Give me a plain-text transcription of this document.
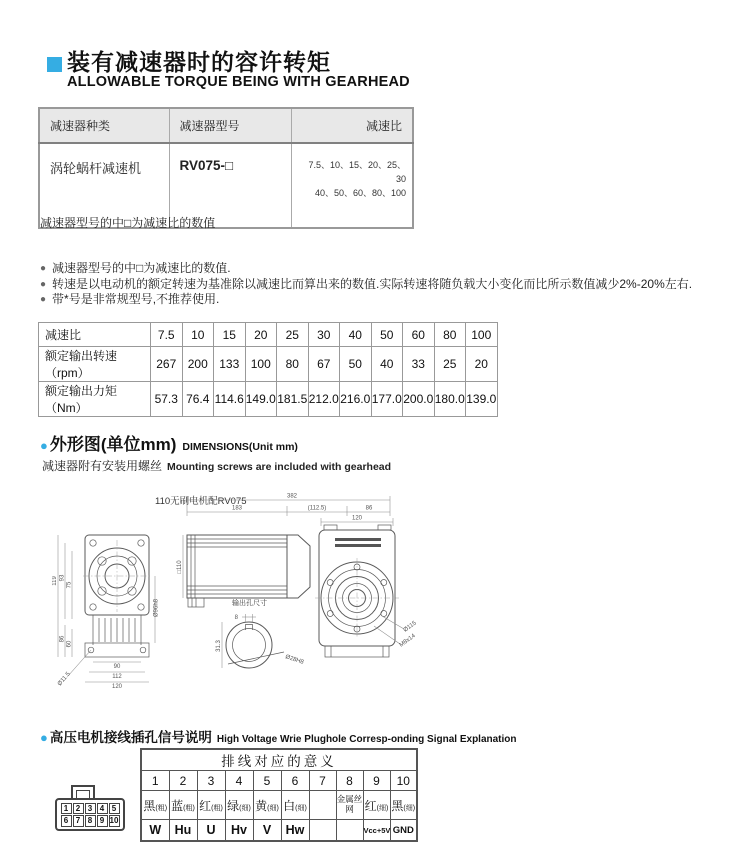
装有减速器时的容许转矩
ALLOWABLE TORQUE BEING WITH GEARHEAD
减速器种类	减速器型号	减速比
涡轮蜗杆减速机	RV075-□	7.5、10、15、20、25、30
40、50、60、80、100
减速器型号的中□为减速比的数值
● 减速器型号的中□为减速比的数值.
● 转速是以电动机的额定转速为基准除以减速比而算出来的数值.实际转速将随负载大小变化而比所示数值减少2%-20%左右.
● 带*号是非常规型号,不推荐使用.
减速比	7.5	10	15	20	25	30	40	50	60	80	100
额定输出转速（rpm）	267	200	133	100	80	67	50	40	33	25	20
额定输出力矩（Nm）	57.3	76.4	114.6	149.0	181.5	212.0	216.0	177.0	200.0	180.0	139.0
● 外形图(单位mm) DIMENSIONS(Unit mm)
减速器附有安装用螺丝 Mounting screws are included with gearhead
110无刷电机配RV075
119 93
75
86
60
Ø96h8
90
112
120
Ø11.5
□110
382
183	(112.5)	86
120
Ø115
M8x14
输出孔尺寸
8
31.3
Ø28H8
● 高压电机接线插孔信号说明 High Voltage Wrie Plughole Corresp-onding Signal Explanation
1 2 3 4 5
6 7 8 9 10
排线对应的意义									
1	2	3	4	5	6	7	8	9	10
黑(粗)	蓝(粗)	红(粗)	绿(细)	黄(细)	白(细)		金属丝网	红(细)	黑(细)
W	Hu	U	Hv	V	Hw			Vcc+5V	GND
